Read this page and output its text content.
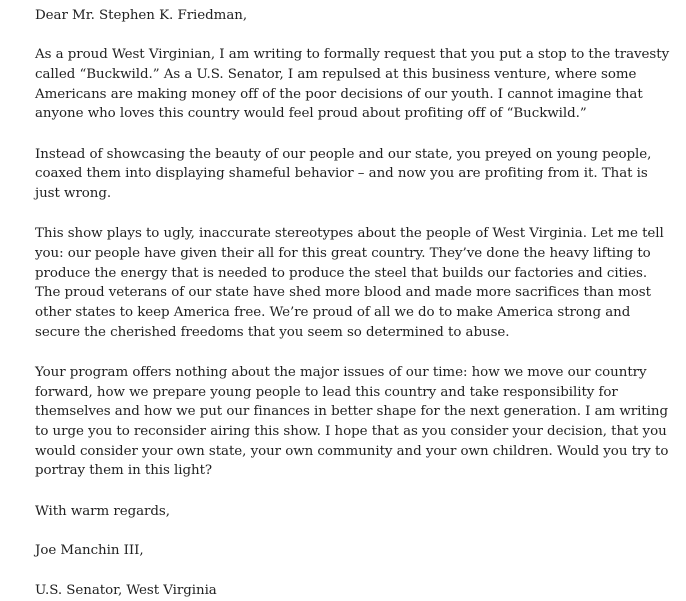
Dear Mr. Stephen K. Friedman,

As a proud West Virginian, I am writing to formally request that you put a stop to the travesty called “Buckwild.” As a U.S. Senator, I am repulsed at this business venture, where some Americans are making money off of the poor decisions of our youth. I cannot imagine that anyone who loves this country would feel proud about profiting off of “Buckwild.”

Instead of showcasing the beauty of our people and our state, you preyed on young people, coaxed them into displaying shameful behavior – and now you are profiting from it. That is just wrong.

This show plays to ugly, inaccurate stereotypes about the people of West Virginia. Let me tell you: our people have given their all for this great country. They’ve done the heavy lifting to produce the energy that is needed to produce the steel that builds our factories and cities. The proud veterans of our state have shed more blood and made more sacrifices than most other states to keep America free. We’re proud of all we do to make America strong and secure the cherished freedoms that you seem so determined to abuse.

Your program offers nothing about the major issues of our time: how we move our country forward, how we prepare young people to lead this country and take responsibility for themselves and how we put our finances in better shape for the next generation. I am writing to urge you to reconsider airing this show. I hope that as you consider your decision, that you would consider your own state, your own community and your own children. Would you try to portray them in this light?

With warm regards,

Joe Manchin III,

U.S. Senator, West Virginia
